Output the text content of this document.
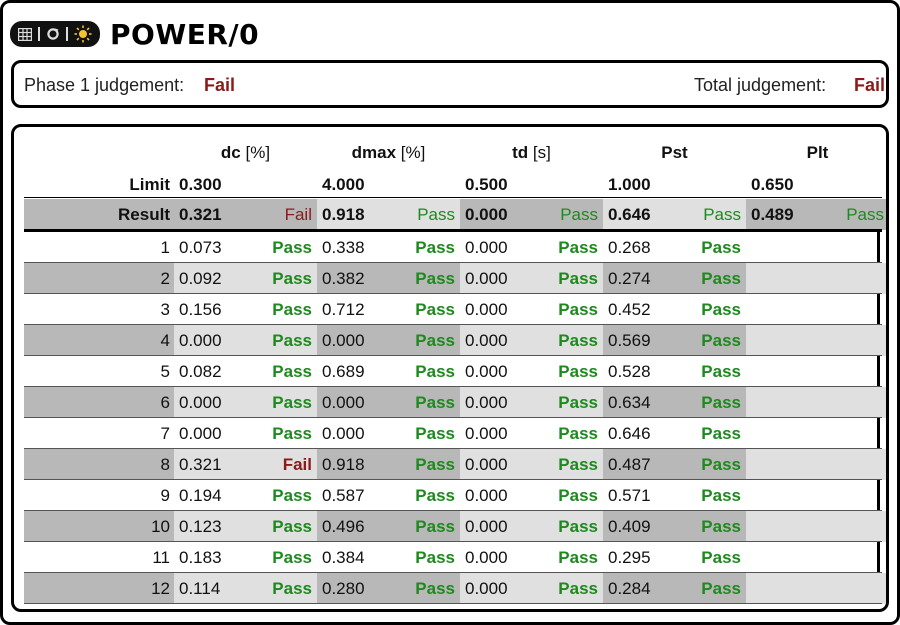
POWER/0
Phase 1 judgement: Fail	Total judgement: Fail
dc [%]	dmax [%]	td [s]	Pst	Plt
Limit 0.300	4.000	0.500	1.000	0.650
Result 0.321	Fail 0.918	Pass 0.000	Pass 0.646	Pass 0.489	Pass
1 0.073	Pass 0.338	Pass 0.000	Pass 0.268	Pass
2 0.092	Pass 0.382	Pass 0.000	Pass 0.274	Pass
3 0.156	Pass 0.712	Pass 0.000	Pass 0.452	Pass
4 0.000	Pass 0.000	Pass 0.000	Pass 0.569	Pass
5 0.082	Pass 0.689	Pass 0.000	Pass 0.528	Pass
6 0.000	Pass 0.000	Pass 0.000	Pass 0.634	Pass
7 0.000	Pass 0.000	Pass 0.000	Pass 0.646	Pass
8 0.321	Fail 0.918	Pass 0.000	Pass 0.487	Pass
9 0.194	Pass 0.587	Pass 0.000	Pass 0.571	Pass
10 0.123	Pass 0.496	Pass 0.000	Pass 0.409	Pass
11 0.183	Pass 0.384	Pass 0.000	Pass 0.295	Pass
12 0.114	Pass 0.280	Pass 0.000	Pass 0.284	Pass
